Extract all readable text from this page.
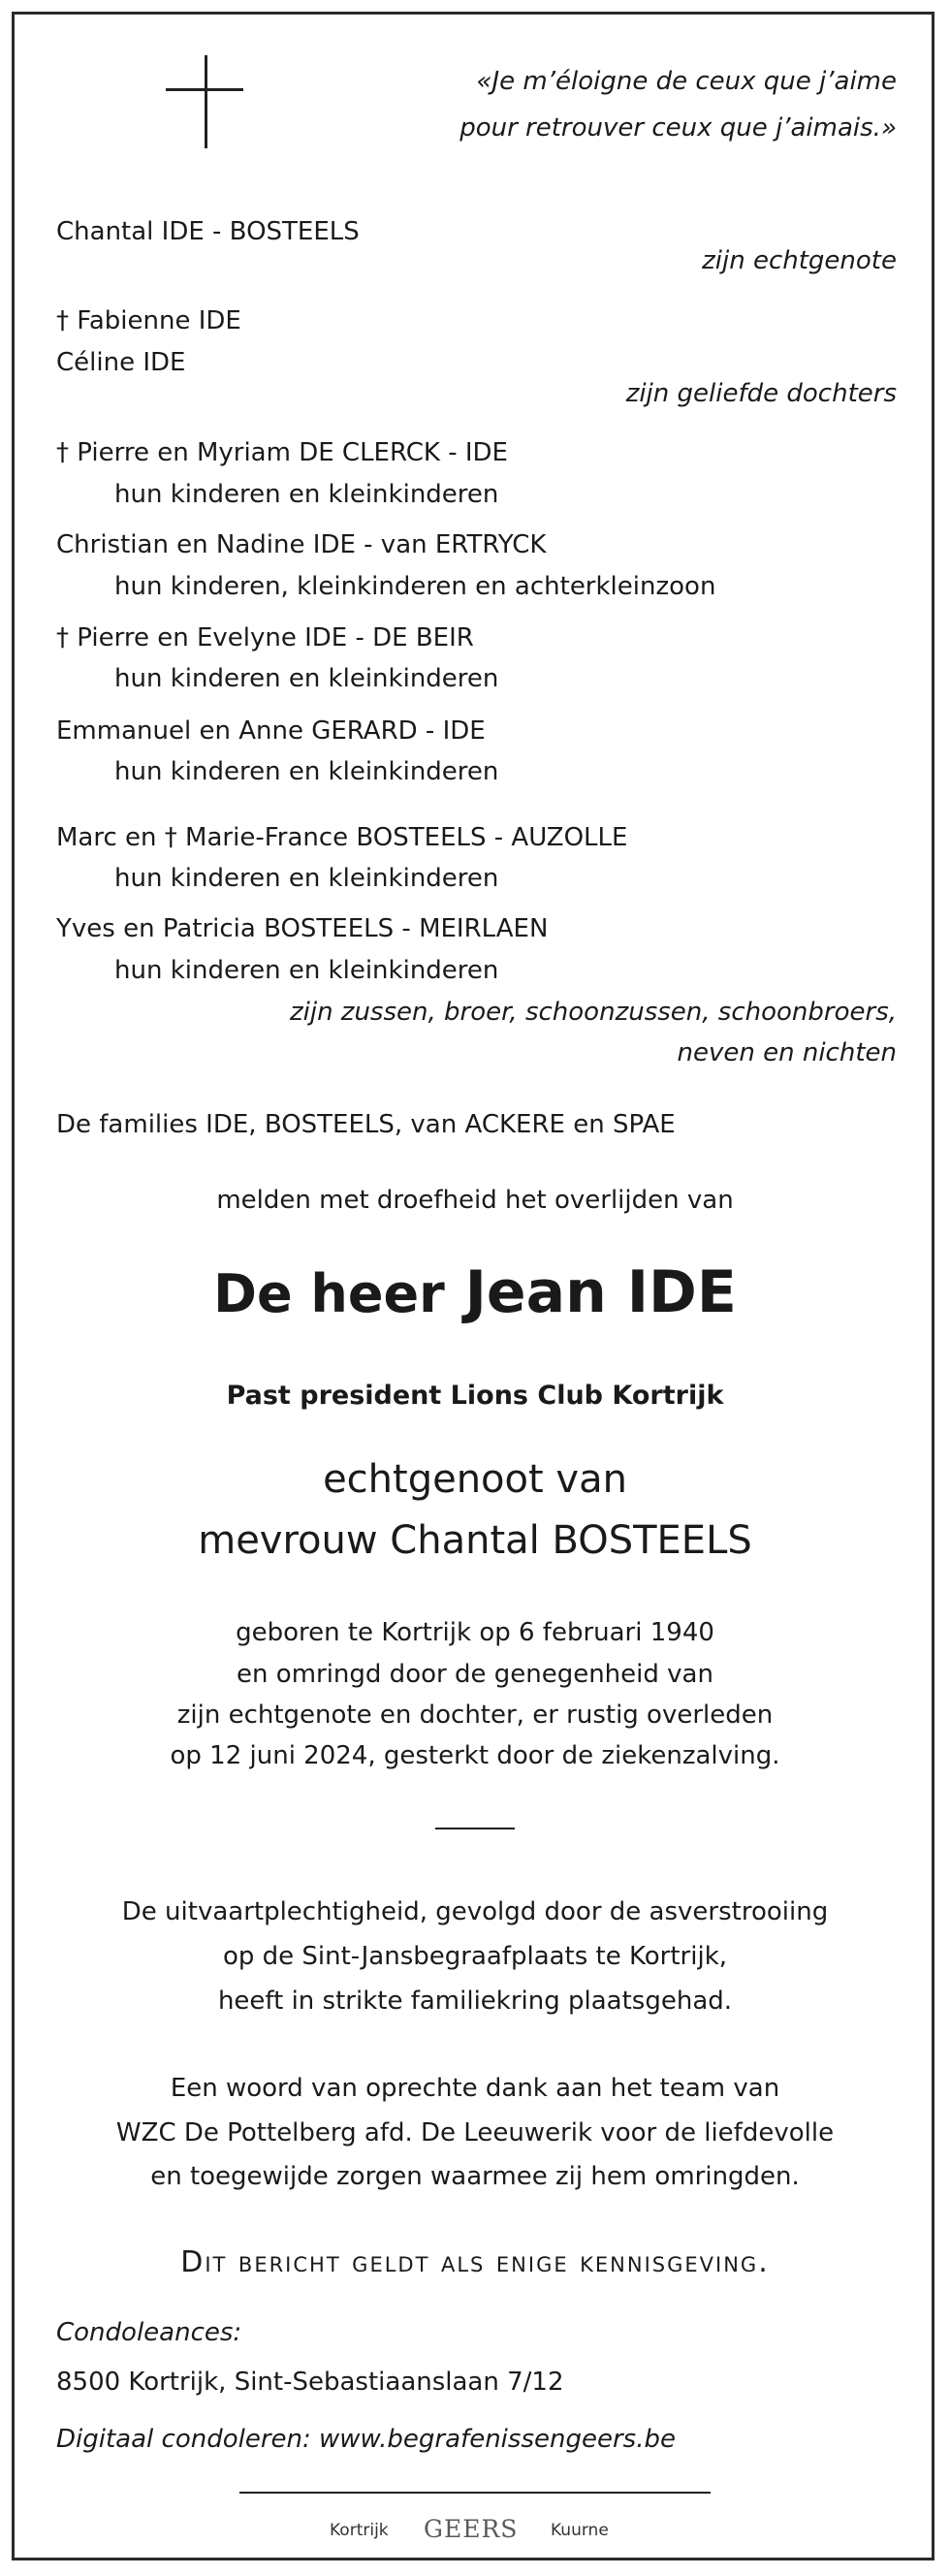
«Je m’éloigne de ceux que j’aime
pour retrouver ceux que j’aimais.»
Chantal IDE - BOSTEELS
zijn echtgenote
† Fabienne IDE
Céline IDE
zijn geliefde dochters
† Pierre en Myriam DE CLERCK - IDE
hun kinderen en kleinkinderen
Christian en Nadine IDE - van ERTRYCK
hun kinderen, kleinkinderen en achterkleinzoon
† Pierre en Evelyne IDE - DE BEIR
hun kinderen en kleinkinderen
Emmanuel en Anne GERARD - IDE
hun kinderen en kleinkinderen
Marc en † Marie-France BOSTEELS - AUZOLLE
hun kinderen en kleinkinderen
Yves en Patricia BOSTEELS - MEIRLAEN
hun kinderen en kleinkinderen
zijn zussen, broer, schoonzussen, schoonbroers,
neven en nichten
De families IDE, BOSTEELS, van ACKERE en SPAE
melden met droefheid het overlijden van
De heer Jean IDE
Past president Lions Club Kortrijk
echtgenoot van
mevrouw Chantal BOSTEELS
geboren te Kortrijk op 6 februari 1940
en omringd door de genegenheid van
zijn echtgenote en dochter, er rustig overleden
op 12 juni 2024, gesterkt door de ziekenzalving.
De uitvaartplechtigheid, gevolgd door de asverstrooiing
op de Sint-Jansbegraafplaats te Kortrijk,
heeft in strikte familiekring plaatsgehad.
Een woord van oprechte dank aan het team van
WZC De Pottelberg afd. De Leeuwerik voor de liefdevolle
en toegewijde zorgen waarmee zij hem omringden.
Dit bericht geldt als enige kennisgeving.
Condoleances:
8500 Kortrijk, Sint-Sebastiaanslaan 7/12
Digitaal condoleren: www.begrafenissengeers.be
Kortrijk GEERS Kuurne
